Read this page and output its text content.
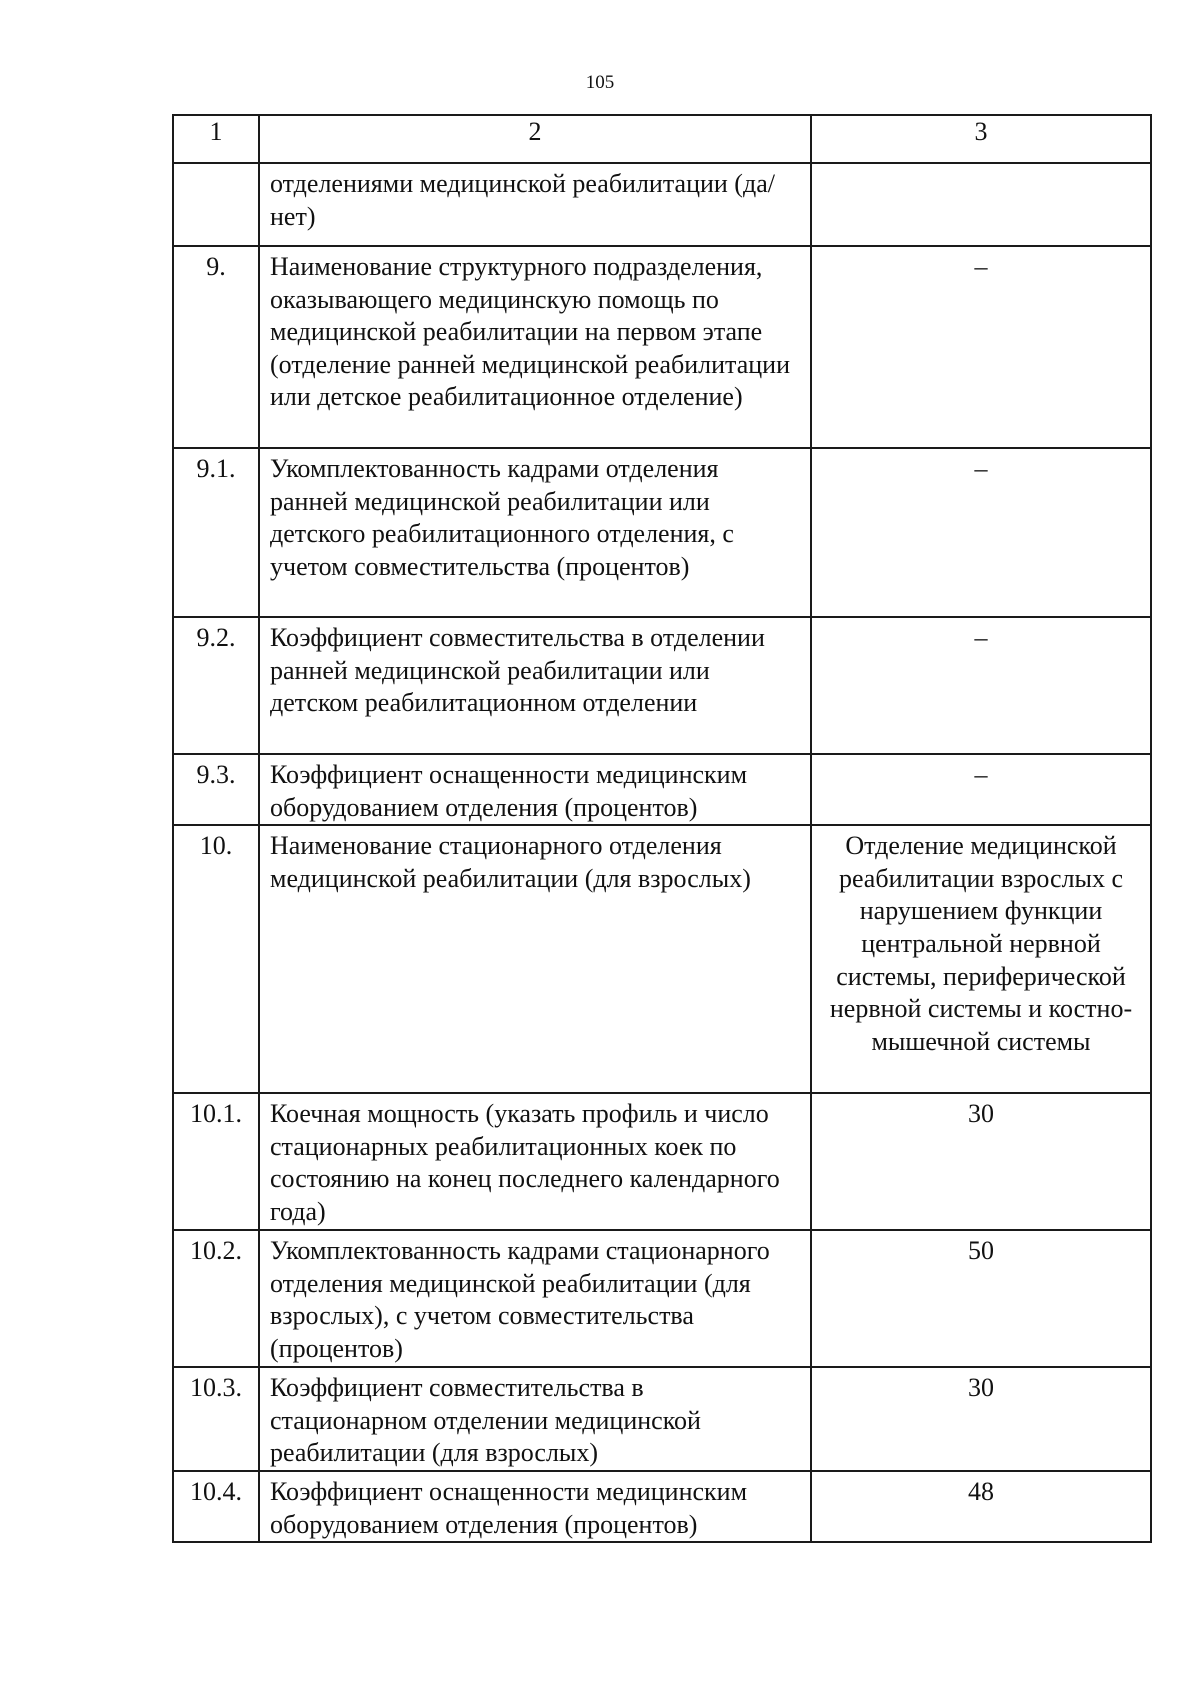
105
1	2	3
	отделениями медицинской реабилитации (да/нет)	
9.	Наименование структурного подразделения, оказывающего медицинскую помощь по медицинской реабилитации на первом этапе (отделение ранней медицинской реабилитации или детское реабилитационное отделение)	–
9.1.	Укомплектованность кадрами отделения ранней медицинской реабилитации или детского реабилитационного отделения, с учетом совместительства (процентов)	–
9.2.	Коэффициент совместительства в отделении ранней медицинской реабилитации или детском реабилитационном отделении	–
9.3.	Коэффициент оснащенности медицинским оборудованием отделения (процентов)	–
10.	Наименование стационарного отделения медицинской реабилитации (для взрослых)	Отделение медицинской реабилитации взрослых с нарушением функции центральной нервной системы, периферической нервной системы и костно-мышечной системы
10.1.	Коечная мощность (указать профиль и число стационарных реабилитационных коек по состоянию на конец последнего календарного года)	30
10.2.	Укомплектованность кадрами стационарного отделения медицинской реабилитации (для взрослых), с учетом совместительства (процентов)	50
10.3.	Коэффициент совместительства в стационарном отделении медицинской реабилитации (для взрослых)	30
10.4.	Коэффициент оснащенности медицинским оборудованием отделения (процентов)	48
